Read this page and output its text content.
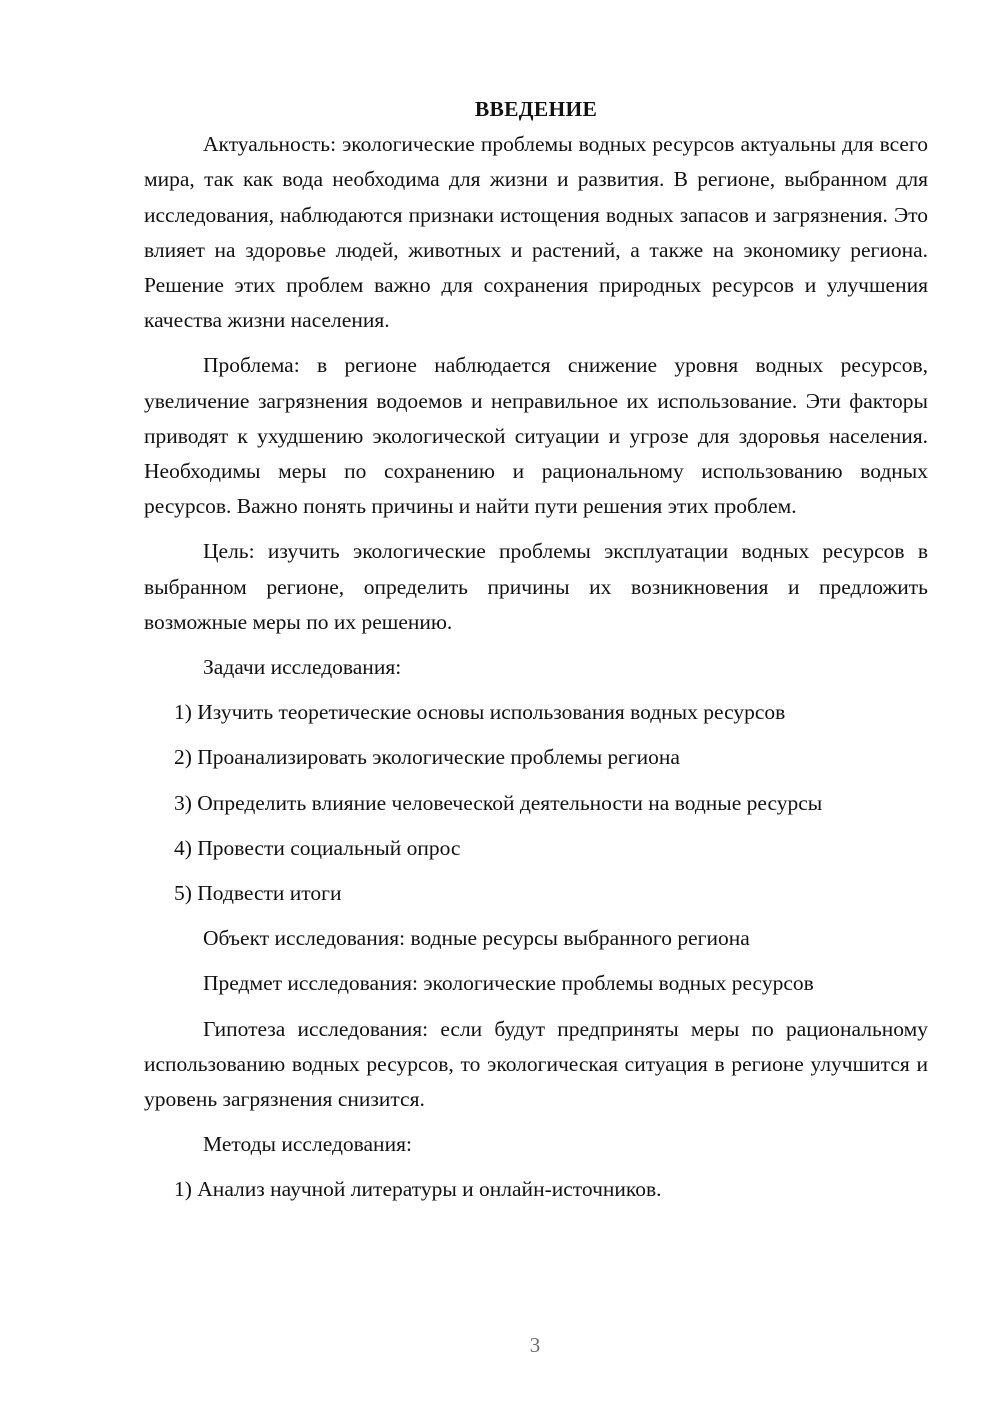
ВВЕДЕНИЕ

Актуальность: экологические проблемы водных ресурсов актуальны для всего мира, так как вода необходима для жизни и развития. В регионе, выбранном для исследования, наблюдаются признаки истощения водных запасов и загрязнения. Это влияет на здоровье людей, животных и растений, а также на экономику региона. Решение этих проблем важно для сохранения природных ресурсов и улучшения качества жизни населения.

Проблема: в регионе наблюдается снижение уровня водных ресурсов, увеличение загрязнения водоемов и неправильное их использование. Эти факторы приводят к ухудшению экологической ситуации и угрозе для здоровья населения. Необходимы меры по сохранению и рациональному использованию водных ресурсов. Важно понять причины и найти пути решения этих проблем.

Цель: изучить экологические проблемы эксплуатации водных ресурсов в выбранном регионе, определить причины их возникновения и предложить возможные меры по их решению.

Задачи исследования:

1) Изучить теоретические основы использования водных ресурсов
2) Проанализировать экологические проблемы региона
3) Определить влияние человеческой деятельности на водные ресурсы
4) Провести социальный опрос
5) Подвести итоги

Объект исследования: водные ресурсы выбранного региона

Предмет исследования: экологические проблемы водных ресурсов

Гипотеза исследования: если будут предприняты меры по рациональному использованию водных ресурсов, то экологическая ситуация в регионе улучшится и уровень загрязнения снизится.

Методы исследования:

1) Анализ научной литературы и онлайн-источников.
3
